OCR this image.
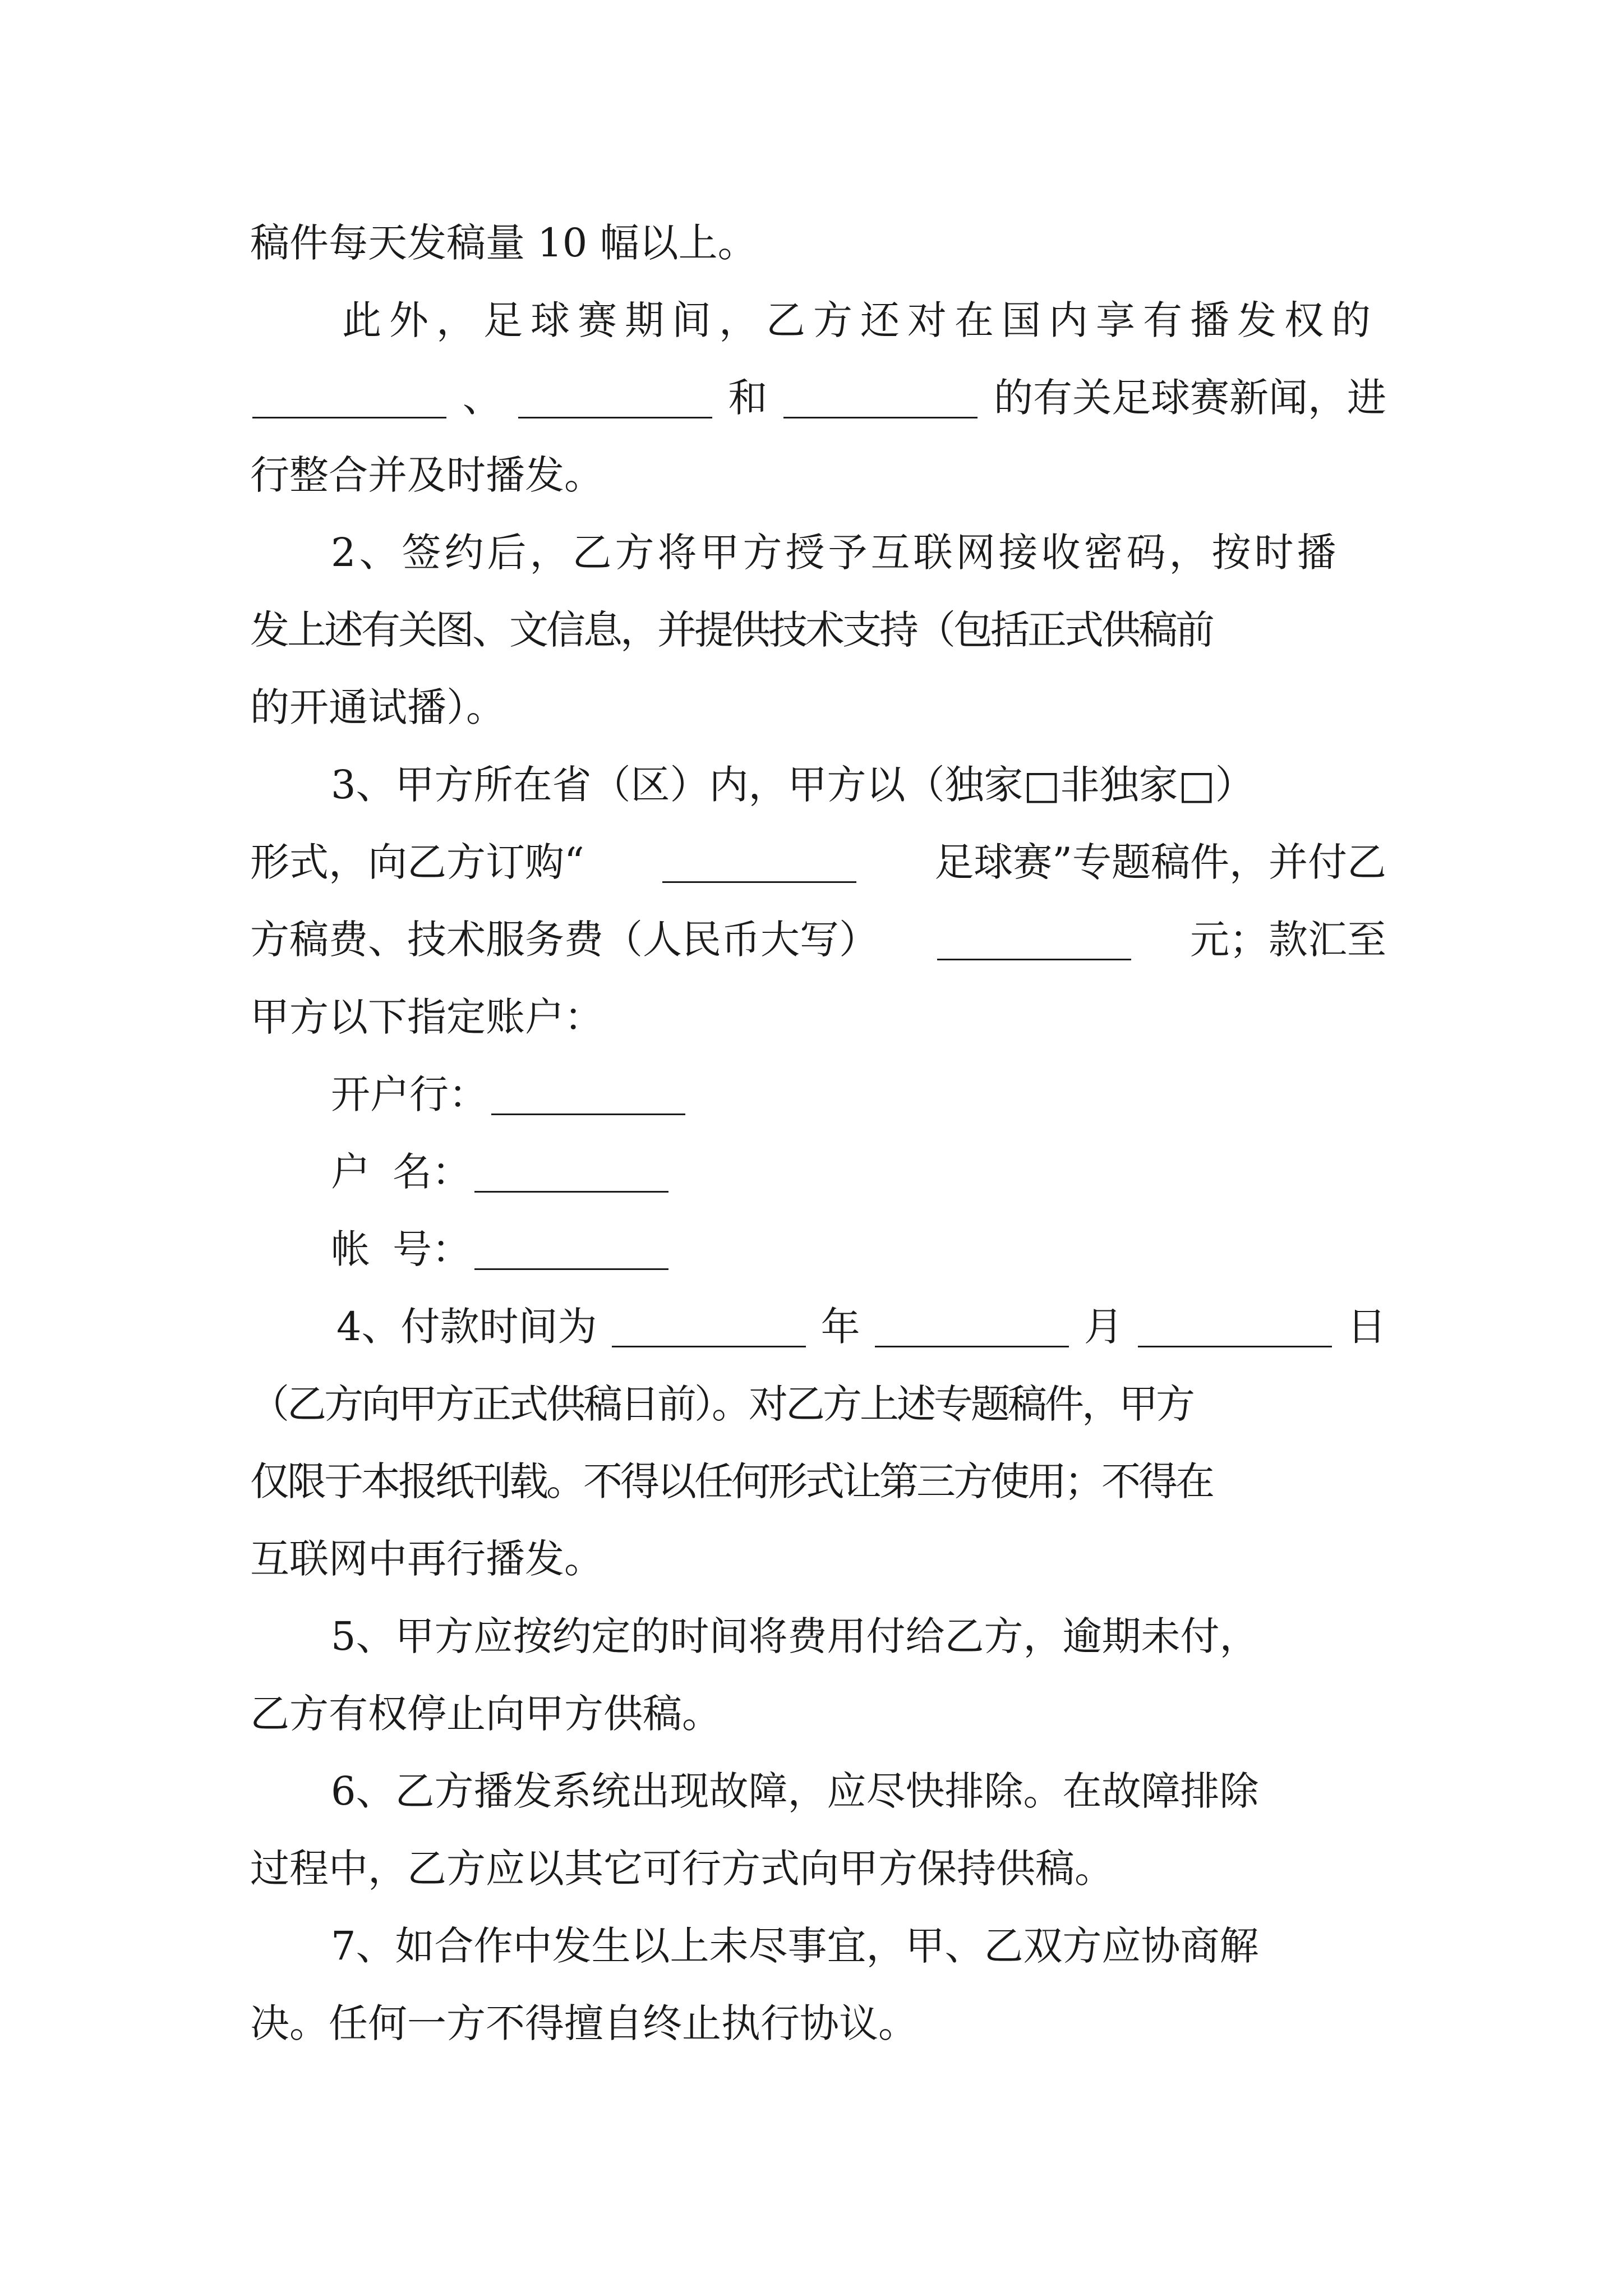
稿件每天发稿量 10 幅以上。
此外，足球赛期间，乙方还对在国内享有播发权的
、	和	的有关足球赛新闻，进
行整合并及时播发。
2、签约后，乙方将甲方授予互联网接收密码，按时播
发上述有关图、文信息，并提供技术支持（包括正式供稿前
的开通试播）。
3、甲方所在省（区）内，甲方以（独家□非独家□）
形式，向乙方订购“	足球赛”专题稿件，并付乙
方稿费、技术服务费（人民币大写）	元；款汇至
甲方以下指定账户：
开户行：
户 名：
帐 号：
4、付款时间为	年	月	日
（乙方向甲方正式供稿日前）。对乙方上述专题稿件，甲方
仅限于本报纸刊载。不得以任何形式让第三方使用；不得在
互联网中再行播发。
5、甲方应按约定的时间将费用付给乙方，逾期未付，
乙方有权停止向甲方供稿。
6、乙方播发系统出现故障，应尽快排除。在故障排除
过程中，乙方应以其它可行方式向甲方保持供稿。
7、如合作中发生以上未尽事宜，甲、乙双方应协商解
决。任何一方不得擅自终止执行协议。
